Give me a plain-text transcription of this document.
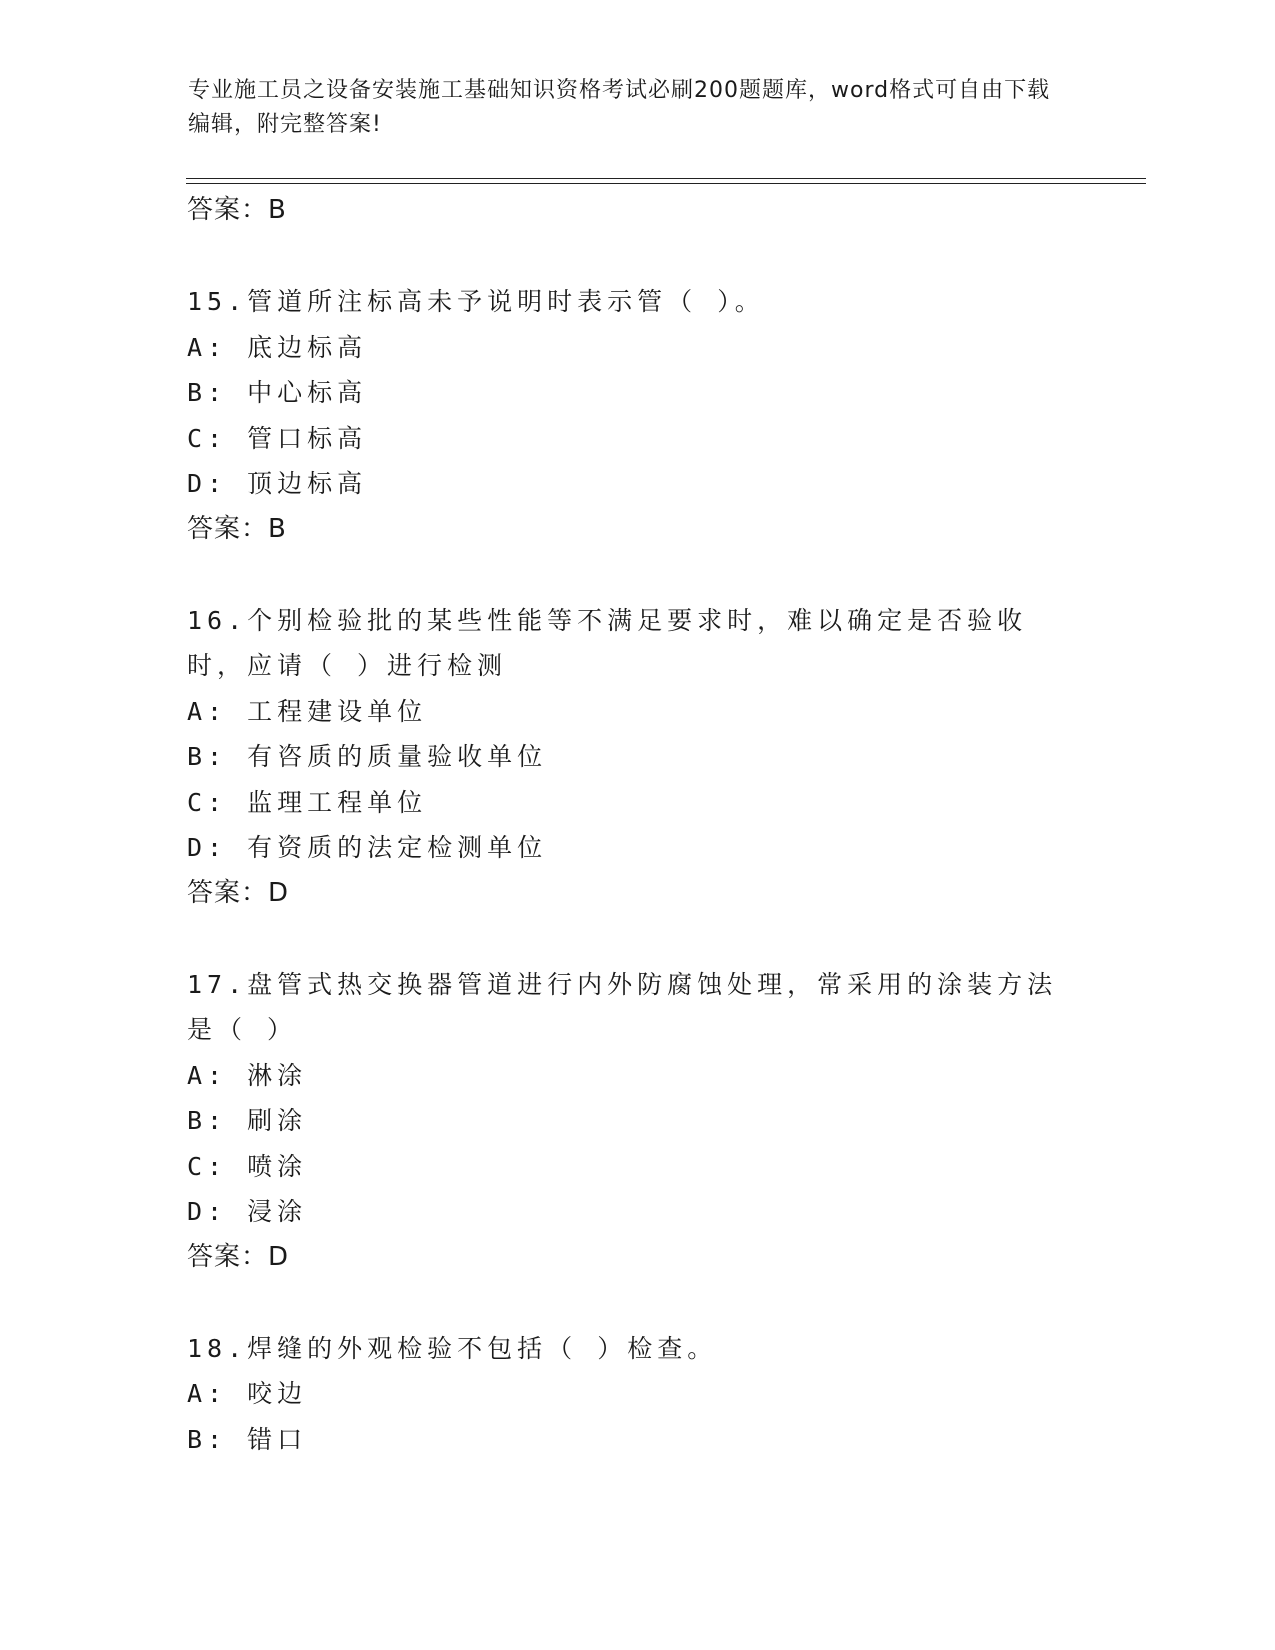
专业施工员之设备安装施工基础知识资格考试必刷200题题库，word格式可自由下载编辑，附完整答案!
答案：B
15.管道所注标高未予说明时表示管（ ）。
A: 底边标高
B: 中心标高
C: 管口标高
D: 顶边标高
答案：B
16.个别检验批的某些性能等不满足要求时，难以确定是否验收时，应请（ ）进行检测
A: 工程建设单位
B: 有咨质的质量验收单位
C: 监理工程单位
D: 有资质的法定检测单位
答案：D
17.盘管式热交换器管道进行内外防腐蚀处理，常采用的涂装方法是（ ）
A: 淋涂
B: 刷涂
C: 喷涂
D: 浸涂
答案：D
18.焊缝的外观检验不包括（ ）检查。
A: 咬边
B: 错口
